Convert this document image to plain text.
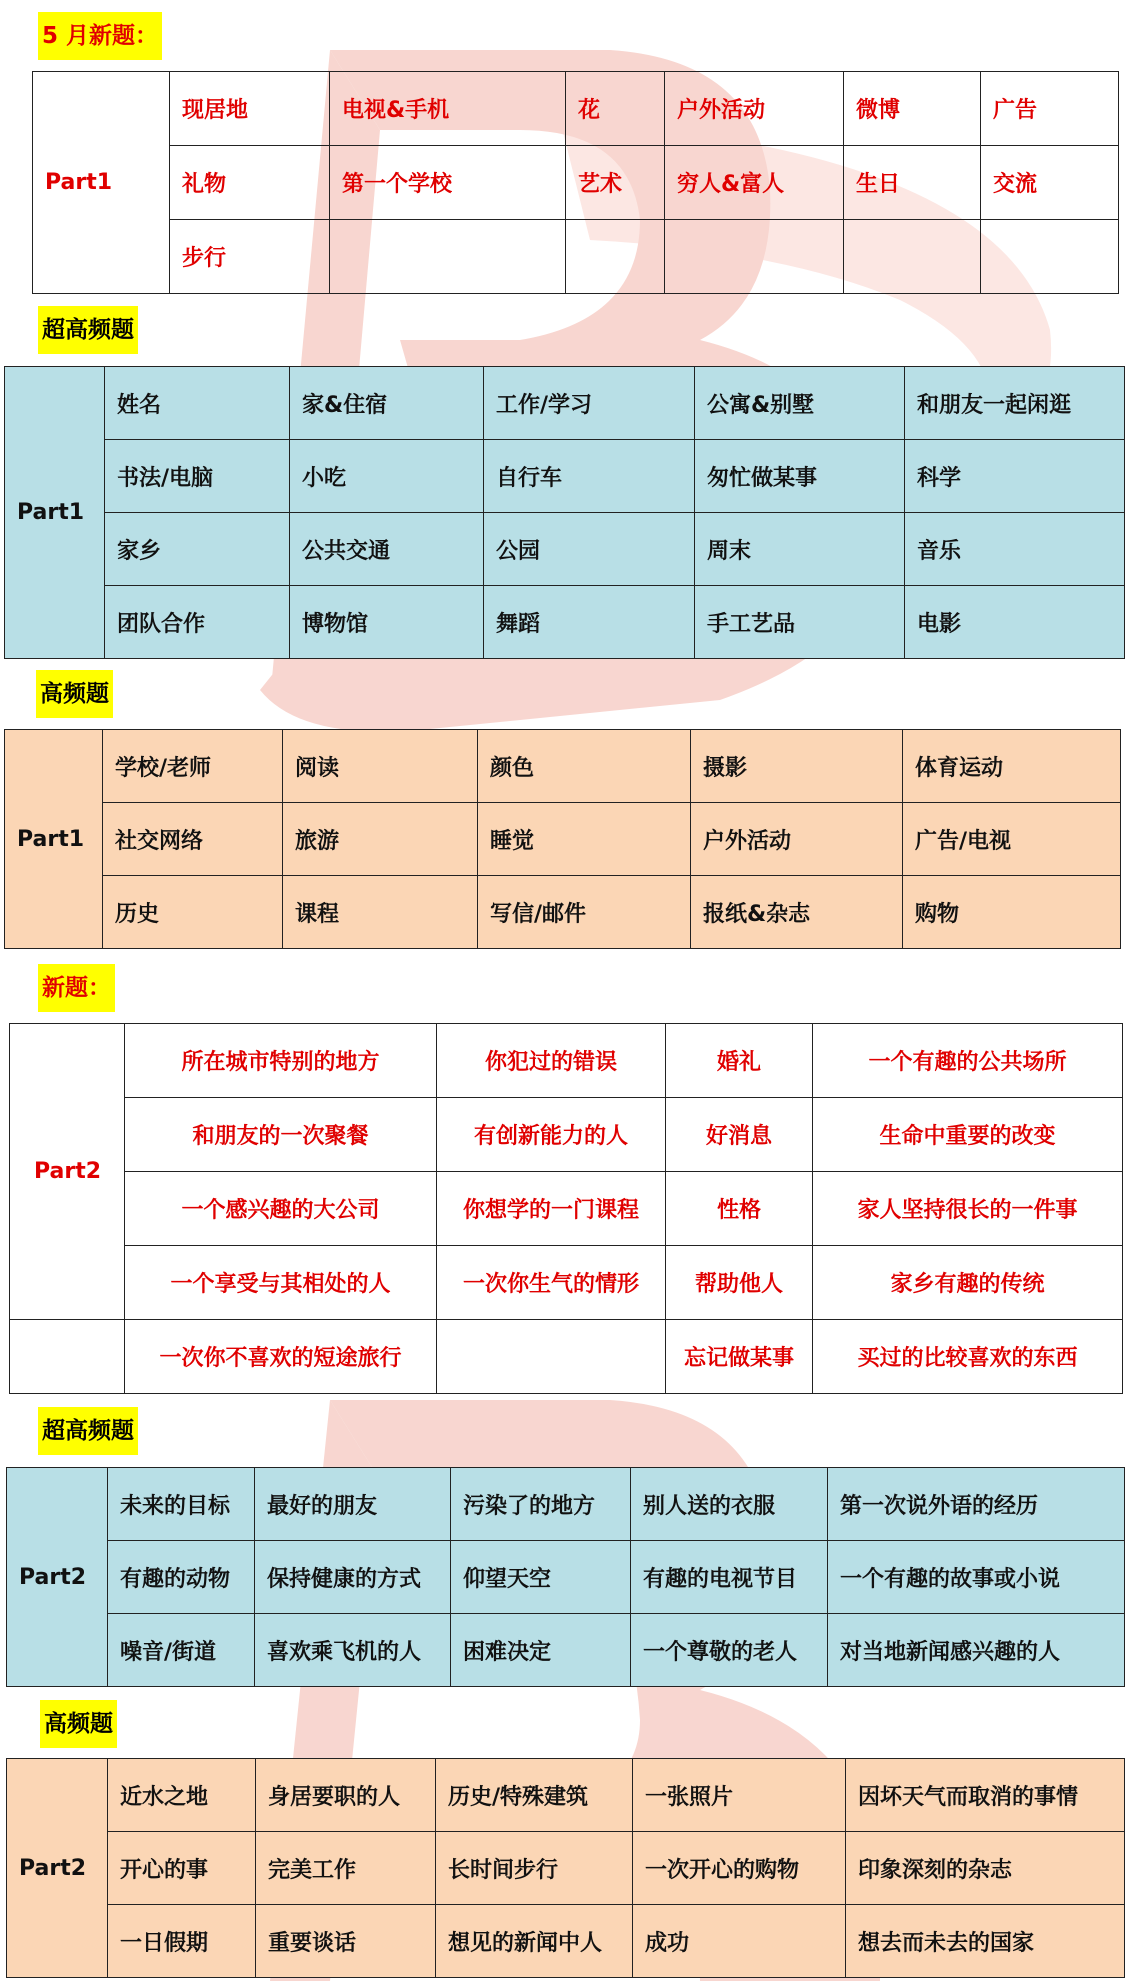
5 月新题：
Part1	现居地	电视&手机	花	户外活动	微博	广告
	礼物	第一个学校	艺术	穷人&富人	生日	交流
	步行					
超高频题
Part1	姓名	家&住宿	工作/学习	公寓&别墅	和朋友一起闲逛
	书法/电脑	小吃	自行车	匆忙做某事	科学
	家乡	公共交通	公园	周末	音乐
	团队合作	博物馆	舞蹈	手工艺品	电影
高频题
Part1	学校/老师	阅读	颜色	摄影	体育运动
	社交网络	旅游	睡觉	户外活动	广告/电视
	历史	课程	写信/邮件	报纸&杂志	购物
新题：
Part2	所在城市特别的地方	你犯过的错误	婚礼	一个有趣的公共场所
	和朋友的一次聚餐	有创新能力的人	好消息	生命中重要的改变
	一个感兴趣的大公司	你想学的一门课程	性格	家人坚持很长的一件事
	一个享受与其相处的人	一次你生气的情形	帮助他人	家乡有趣的传统
	一次你不喜欢的短途旅行		忘记做某事	买过的比较喜欢的东西
超高频题
Part2	未来的目标	最好的朋友	污染了的地方	别人送的衣服	第一次说外语的经历
	有趣的动物	保持健康的方式	仰望天空	有趣的电视节目	一个有趣的故事或小说
	噪音/街道	喜欢乘飞机的人	困难决定	一个尊敬的老人	对当地新闻感兴趣的人
高频题
Part2	近水之地	身居要职的人	历史/特殊建筑	一张照片	因坏天气而取消的事情
	开心的事	完美工作	长时间步行	一次开心的购物	印象深刻的杂志
	一日假期	重要谈话	想见的新闻中人	成功	想去而未去的国家
